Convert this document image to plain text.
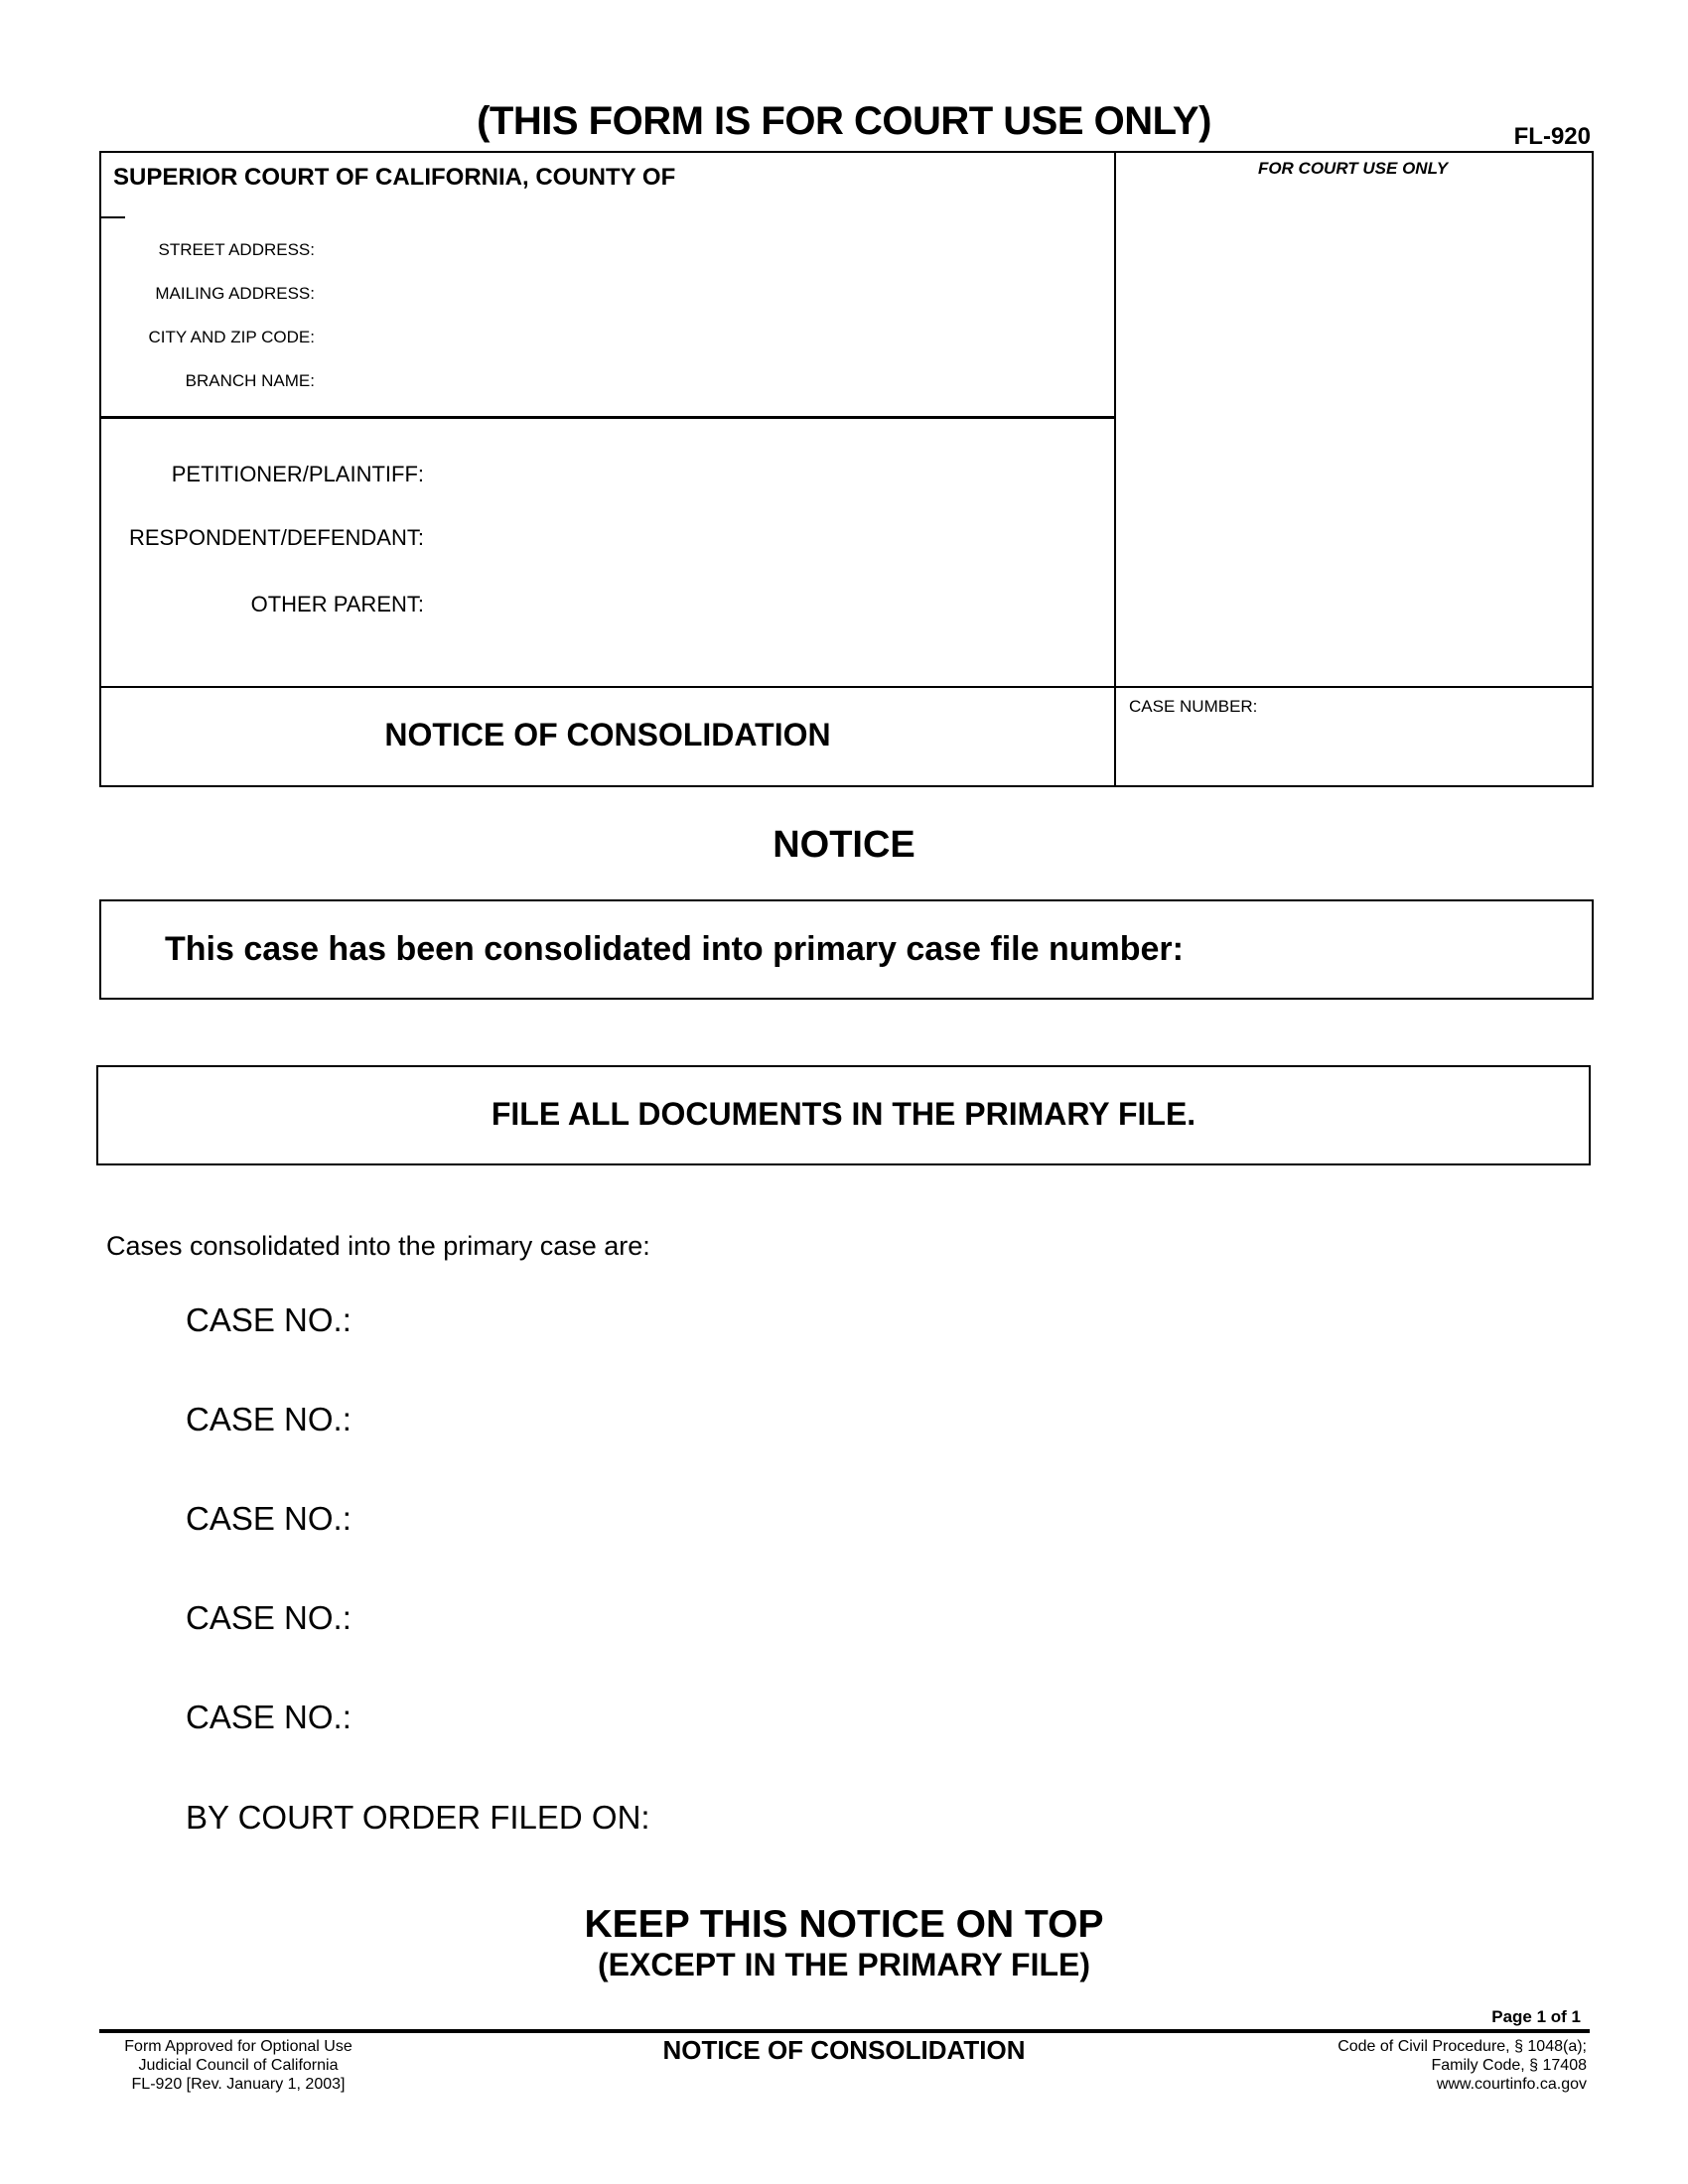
(THIS FORM IS FOR COURT USE ONLY)	FL-920
SUPERIOR COURT OF CALIFORNIA, COUNTY OF
STREET ADDRESS:
MAILING ADDRESS:
CITY AND ZIP CODE:
BRANCH NAME:
PETITIONER/PLAINTIFF:
RESPONDENT/DEFENDANT:
OTHER PARENT:
FOR COURT USE ONLY
CASE NUMBER:
NOTICE OF CONSOLIDATION
NOTICE
This case has been consolidated into primary case file number:
FILE ALL DOCUMENTS IN THE PRIMARY FILE.
Cases consolidated into the primary case are:
CASE NO.:
CASE NO.:
CASE NO.:
CASE NO.:
CASE NO.:
BY COURT ORDER FILED ON:
KEEP THIS NOTICE ON TOP
(EXCEPT IN THE PRIMARY FILE)
Page 1 of 1
Form Approved for Optional Use
Judicial Council of California
FL-920 [Rev. January 1, 2003]
NOTICE OF CONSOLIDATION	Code of Civil Procedure, § 1048(a);
Family Code, § 17408
www.courtinfo.ca.gov
